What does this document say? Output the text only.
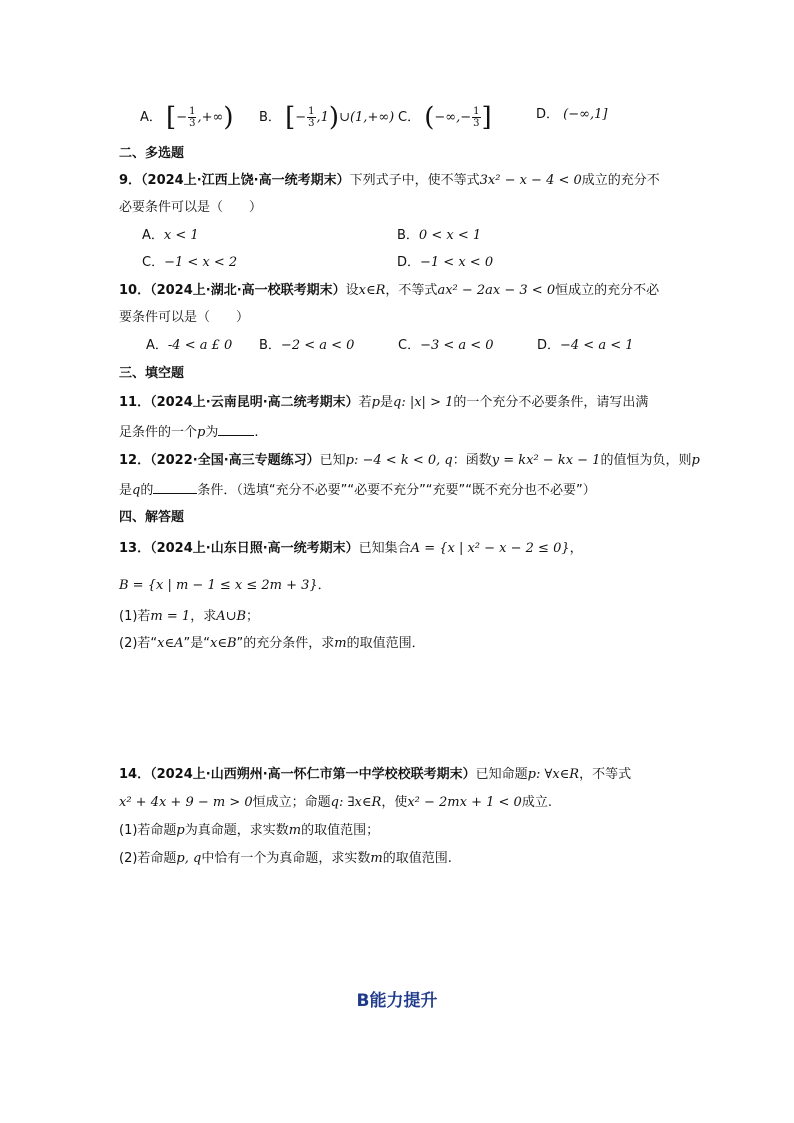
A． [− $\frac{1}{3}$ ,+∞) B． [− $\frac{1}{3}$ ,1)∪(1,+∞) C． (−∞,− $\frac{1}{3}$ ]	D． (−∞,1]
二、多选题
9．（2024上·江西上饶·高一统考期末）下列式子中，使不等式3x² − x − 4 < 0成立的充分不
必要条件可以是（　　）
A．x < 1	B．0 < x < 1
C．−1 < x < 2	D．−1 < x < 0
10．（2024上·湖北·高一校联考期末）设x∈R，不等式ax² − 2ax − 3 < 0恒成立的充分不必
要条件可以是（　　）
A．-4 < a £ 0 B．−2 < a < 0	C．−3 < a < 0	D．−4 < a < 1
三、填空题
11．（2024上·云南昆明·高二统考期末）若p是q: |x| > 1的一个充分不必要条件，请写出满
足条件的一个p为	.
12．（2022·全国·高三专题练习）已知p: −4 < k < 0, q：函数y = kx² − kx − 1的值恒为负，则p
是q的	条件．（选填“充分不必要”“必要不充分”“充要”“既不充分也不必要”）
四、解答题
13．（2024上·山东日照·高一统考期末）已知集合A = {x | x² − x − 2 ≤ 0}，
B = {x | m − 1 ≤ x ≤ 2m + 3}．
(1)若m = 1，求A∪B；
(2)若“x∈A”是“x∈B”的充分条件，求m的取值范围．
14．（2024上·山西朔州·高一怀仁市第一中学校校联考期末）已知命题p: ∀x∈R，不等式
x² + 4x + 9 − m > 0恒成立；命题q: ∃x∈R，使x² − 2mx + 1 < 0成立.
(1)若命题p为真命题，求实数m的取值范围；
(2)若命题p, q中恰有一个为真命题，求实数m的取值范围.
B能力提升
